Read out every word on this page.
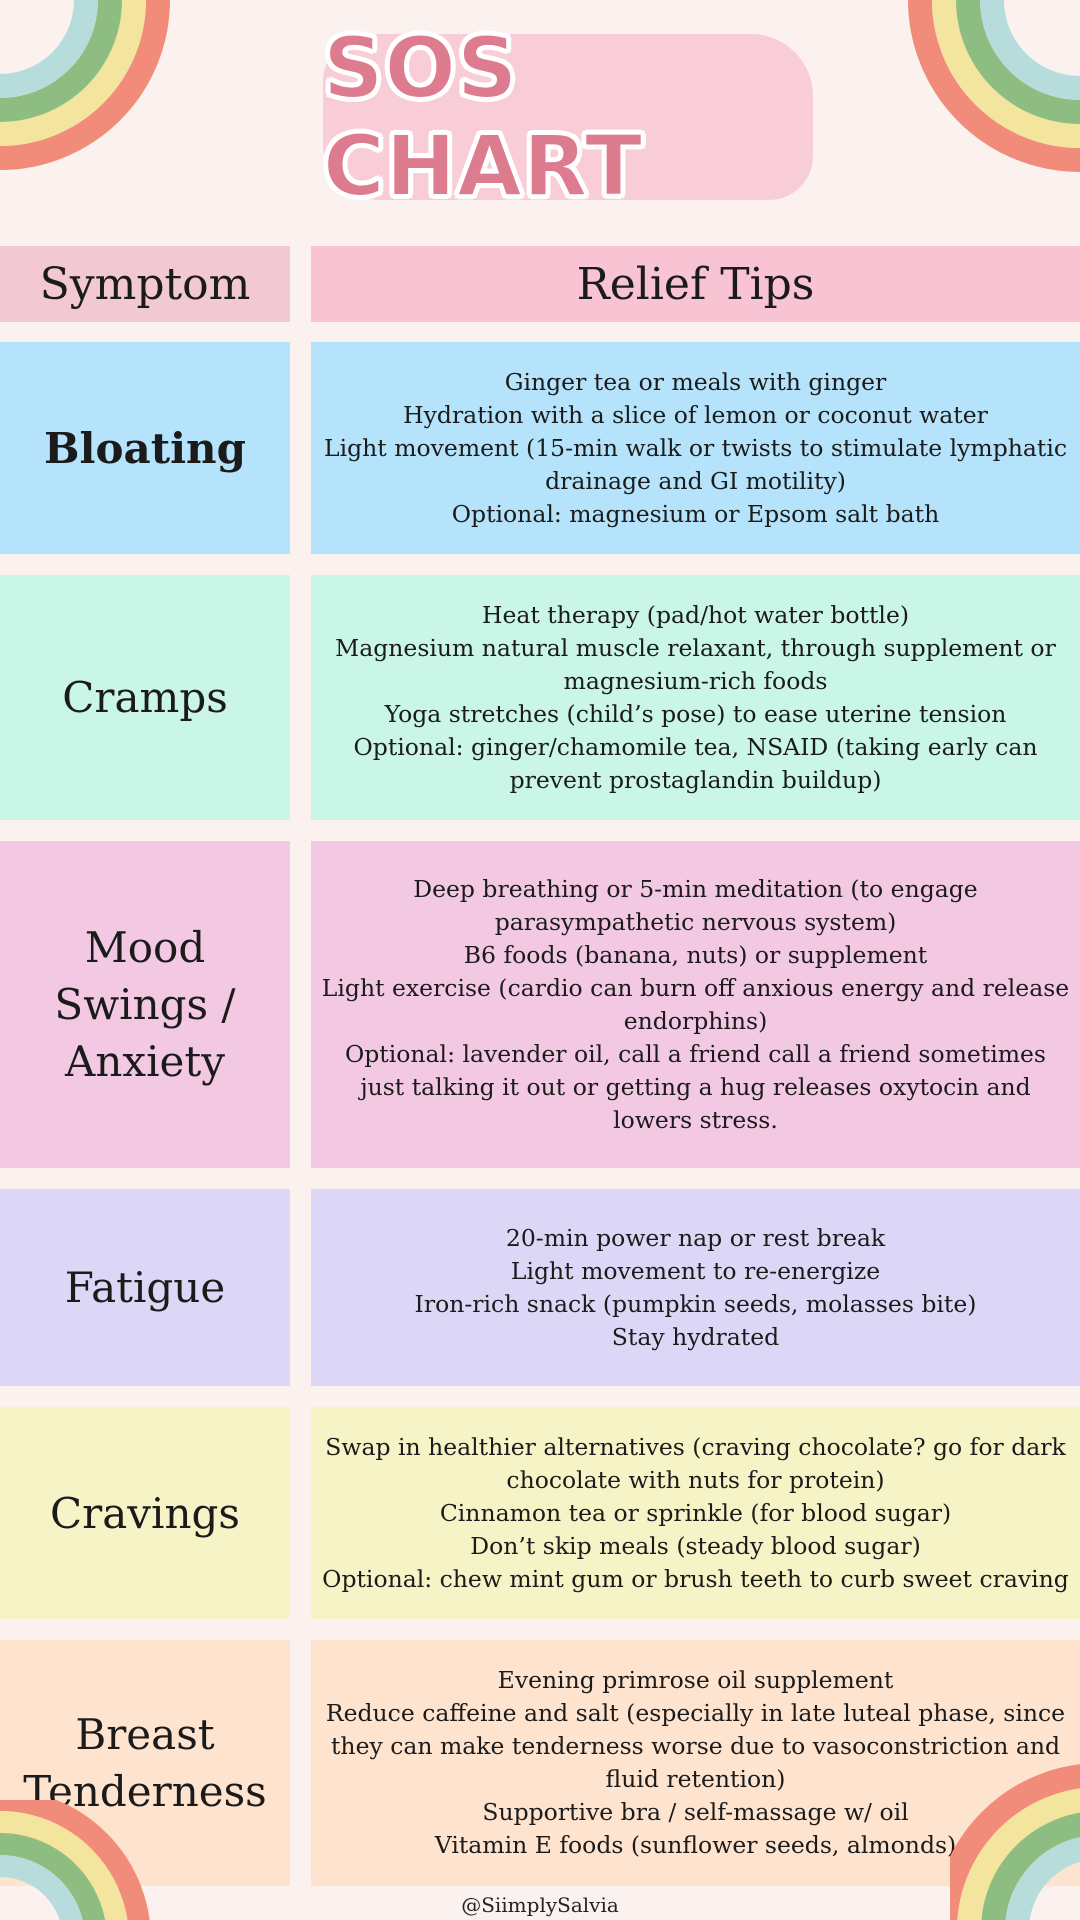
SOS CHART
Symptom	Relief Tips
Bloating
Ginger tea or meals with ginger
Hydration with a slice of lemon or coconut water
Light movement (15-min walk or twists to stimulate lymphatic drainage and GI motility)
Optional: magnesium or Epsom salt bath
Cramps
Heat therapy (pad/hot water bottle)
Magnesium natural muscle relaxant, through supplement or magnesium-rich foods
Yoga stretches (child’s pose) to ease uterine tension
Optional: ginger/chamomile tea, NSAID (taking early can prevent prostaglandin buildup)
Mood Swings / Anxiety
Deep breathing or 5-min meditation (to engage parasympathetic nervous system)
B6 foods (banana, nuts) or supplement
Light exercise (cardio can burn off anxious energy and release endorphins)
Optional: lavender oil, call a friend call a friend sometimes just talking it out or getting a hug releases oxytocin and lowers stress.
Fatigue
20-min power nap or rest break
Light movement to re-energize
Iron-rich snack (pumpkin seeds, molasses bite)
Stay hydrated
Cravings
Swap in healthier alternatives (craving chocolate? go for dark chocolate with nuts for protein)
Cinnamon tea or sprinkle (for blood sugar)
Don’t skip meals (steady blood sugar)
Optional: chew mint gum or brush teeth to curb sweet craving
Breast Tenderness
Evening primrose oil supplement
Reduce caffeine and salt (especially in late luteal phase, since they can make tenderness worse due to vasoconstriction and fluid retention)
Supportive bra / self-massage w/ oil
Vitamin E foods (sunflower seeds, almonds)
@SiimplySalvia
